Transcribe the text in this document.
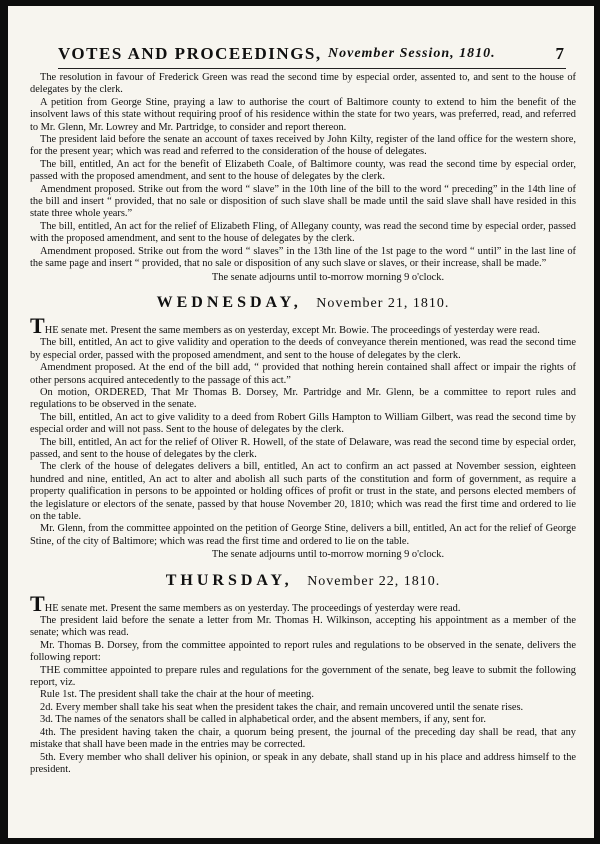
VOTES AND PROCEEDINGS, November Session, 1810.	7

The resolution in favour of Frederick Green was read the second time by especial order, assented to, and sent to the house of delegates by the clerk.

A petition from George Stine, praying a law to authorise the court of Baltimore county to extend to him the benefit of the insolvent laws of this state without requiring proof of his residence within the state for two years, was preferred, read, and referred to Mr. Glenn, Mr. Lowrey and Mr. Partridge, to consider and report thereon.

The president laid before the senate an account of taxes received by John Kilty, register of the land office for the western shore, for the present year; which was read and referred to the consideration of the house of delegates.

The bill, entitled, An act for the benefit of Elizabeth Coale, of Baltimore county, was read the second time by especial order, passed with the proposed amendment, and sent to the house of delegates by the clerk.

Amendment proposed. Strike out from the word “ slave” in the 10th line of the bill to the word “ preceding” in the 14th line of the bill and insert “ provided, that no sale or disposition of such slave shall be made until the said slave shall have resided in this state three whole years.”

The bill, entitled, An act for the relief of Elizabeth Fling, of Allegany county, was read the second time by especial order, passed with the proposed amendment, and sent to the house of delegates by the clerk.

Amendment proposed. Strike out from the word “ slaves” in the 13th line of the 1st page to the word “ until” in the last line of the same page and insert “ provided, that no sale or disposition of any such slave or slaves, or their increase, shall be made.”

The senate adjourns until to-morrow morning 9 o'clock.

WEDNESDAY, November 21, 1810.

THE senate met. Present the same members as on yesterday, except Mr. Bowie. The proceedings of yesterday were read.

The bill, entitled, An act to give validity and operation to the deeds of conveyance therein mentioned, was read the second time by especial order, passed with the proposed amendment, and sent to the house of delegates by the clerk.

Amendment proposed. At the end of the bill add, “ provided that nothing herein contained shall affect or impair the rights of other persons acquired antecedently to the passage of this act.”

On motion, ORDERED, That Mr Thomas B. Dorsey, Mr. Partridge and Mr. Glenn, be a committee to report rules and regulations to be observed in the senate.

The bill, entitled, An act to give validity to a deed from Robert Gills Hampton to William Gilbert, was read the second time by especial order and will not pass. Sent to the house of delegates by the clerk.

The bill, entitled, An act for the relief of Oliver R. Howell, of the state of Delaware, was read the second time by especial order, passed, and sent to the house of delegates by the clerk.

The clerk of the house of delegates delivers a bill, entitled, An act to confirm an act passed at November session, eighteen hundred and nine, entitled, An act to alter and abolish all such parts of the constitution and form of government, as require a property qualification in persons to be appointed or holding offices of profit or trust in the state, and persons elected members of the legislature or electors of the senate, passed by that house November 20, 1810; which was read the first time and ordered to lie on the table.

Mr. Glenn, from the committee appointed on the petition of George Stine, delivers a bill, entitled, An act for the relief of George Stine, of the city of Baltimore; which was read the first time and ordered to lie on the table.

The senate adjourns until to-morrow morning 9 o'clock.

THURSDAY, November 22, 1810.

THE senate met. Present the same members as on yesterday. The proceedings of yesterday were read.

The president laid before the senate a letter from Mr. Thomas H. Wilkinson, accepting his appointment as a member of the senate; which was read.

Mr. Thomas B. Dorsey, from the committee appointed to report rules and regulations to be observed in the senate, delivers the following report:

THE committee appointed to prepare rules and regulations for the government of the senate, beg leave to submit the following report, viz.

Rule 1st. The president shall take the chair at the hour of meeting.

2d. Every member shall take his seat when the president takes the chair, and remain uncovered until the senate rises.

3d. The names of the senators shall be called in alphabetical order, and the absent members, if any, sent for.

4th. The president having taken the chair, a quorum being present, the journal of the preceding day shall be read, that any mistake that shall have been made in the entries may be corrected.

5th. Every member who shall deliver his opinion, or speak in any debate, shall stand up in his place and address himself to the president.
